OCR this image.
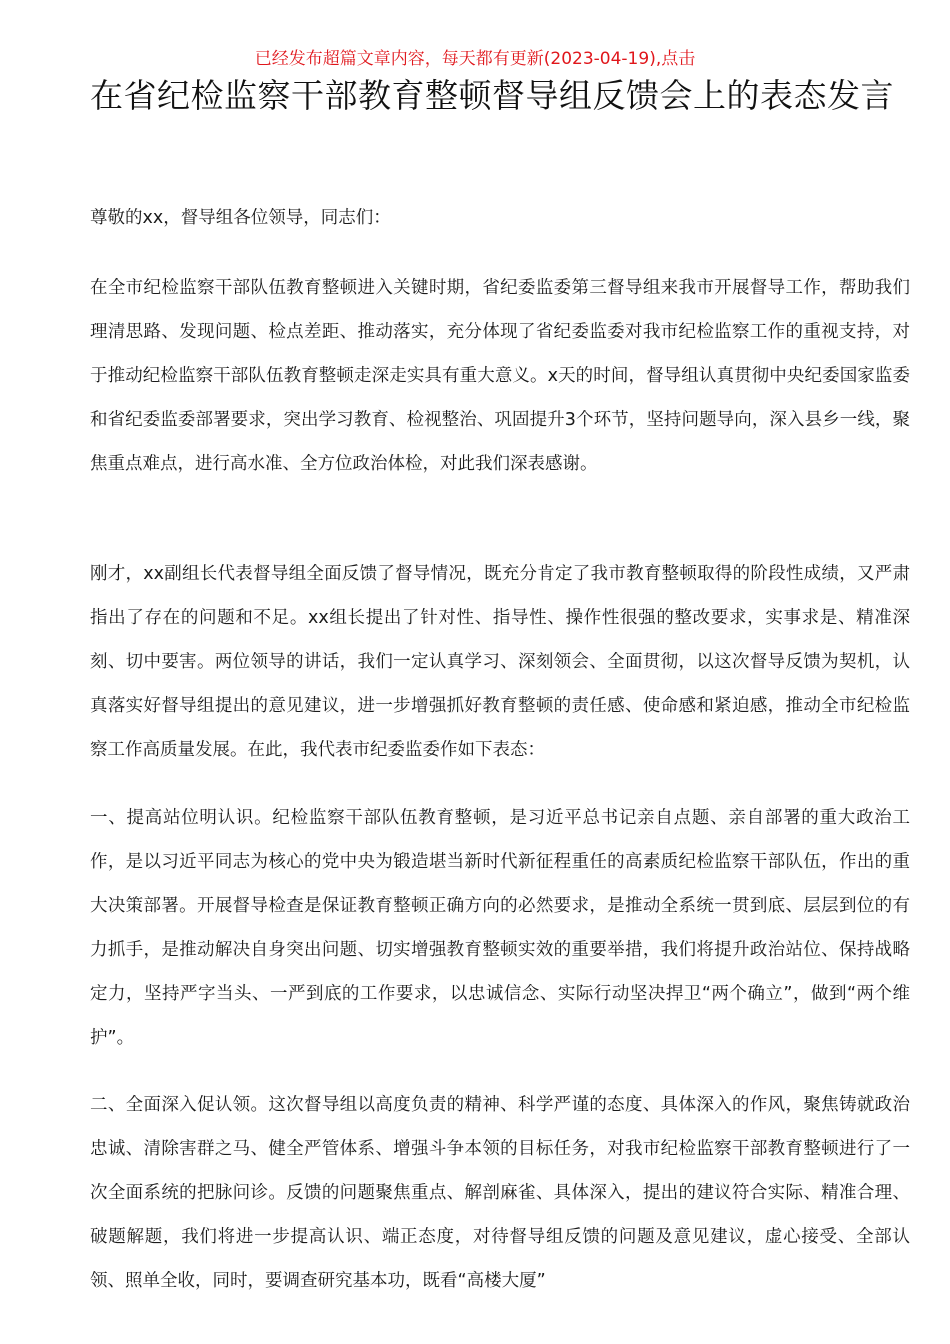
已经发布超篇文章内容，每天都有更新(2023-04-19),点击
在省纪检监察干部教育整顿督导组反馈会上的表态发言

尊敬的xx，督导组各位领导，同志们：

在全市纪检监察干部队伍教育整顿进入关键时期，省纪委监委第三督导组来我市开展督导工作，帮助我们理清思路、发现问题、检点差距、推动落实，充分体现了省纪委监委对我市纪检监察工作的重视支持，对于推动纪检监察干部队伍教育整顿走深走实具有重大意义。x天的时间，督导组认真贯彻中央纪委国家监委和省纪委监委部署要求，突出学习教育、检视整治、巩固提升3个环节，坚持问题导向，深入县乡一线，聚焦重点难点，进行高水准、全方位政治体检，对此我们深表感谢。

刚才，xx副组长代表督导组全面反馈了督导情况，既充分肯定了我市教育整顿取得的阶段性成绩，又严肃指出了存在的问题和不足。xx组长提出了针对性、指导性、操作性很强的整改要求，实事求是、精准深刻、切中要害。两位领导的讲话，我们一定认真学习、深刻领会、全面贯彻，以这次督导反馈为契机，认真落实好督导组提出的意见建议，进一步增强抓好教育整顿的责任感、使命感和紧迫感，推动全市纪检监察工作高质量发展。在此，我代表市纪委监委作如下表态：

一、提高站位明认识。纪检监察干部队伍教育整顿，是习近平总书记亲自点题、亲自部署的重大政治工作，是以习近平同志为核心的党中央为锻造堪当新时代新征程重任的高素质纪检监察干部队伍，作出的重大决策部署。开展督导检查是保证教育整顿正确方向的必然要求，是推动全系统一贯到底、层层到位的有力抓手，是推动解决自身突出问题、切实增强教育整顿实效的重要举措，我们将提升政治站位、保持战略定力，坚持严字当头、一严到底的工作要求，以忠诚信念、实际行动坚决捍卫“两个确立”，做到“两个维护”。

二、全面深入促认领。这次督导组以高度负责的精神、科学严谨的态度、具体深入的作风，聚焦铸就政治忠诚、清除害群之马、健全严管体系、增强斗争本领的目标任务，对我市纪检监察干部教育整顿进行了一次全面系统的把脉问诊。反馈的问题聚焦重点、解剖麻雀、具体深入，提出的建议符合实际、精准合理、破题解题，我们将进一步提高认识、端正态度，对待督导组反馈的问题及意见建议，虚心接受、全部认领、照单全收，同时，要调查研究基本功，既看“高楼大厦”
